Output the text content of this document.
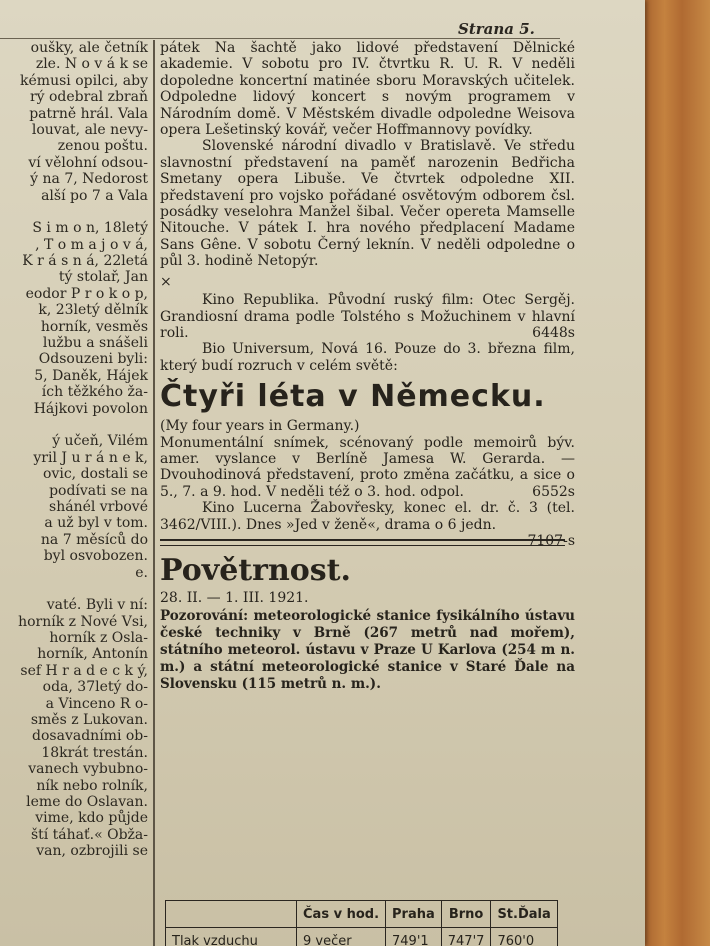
Strana 5.
oušky, ale četník
zle. N o v á k se
kémusi opilci, aby
rý odebral zbraň
patrně hrál. Vala
louvat, ale nevy-
zenou poštu.
ví vělohní odsou-
ý na 7, Nedorost
alší po 7 a Vala
S i m o n, 18letý
, T o m a j o v á,
K r á s n á, 22letá
tý stolař, Jan
eodor P r o k o p,
k, 23letý dělník
horník, vesměs
lužbu a snášeli
Odsouzeni byli:
5, Daněk, Hájek
ích těžkého ža-
Hájkovi povolon
ý učeň, Vilém
yril J u r á n e k,
ovic, dostali se
podívati se na
shánél vrbové
a už byl v tom.
na 7 měsíců do
byl osvobozen.
e.
vaté. Byli v ní:
horník z Nové Vsi,
horník z Osla-
horník, Antonín
sef H r a d e c k ý,
oda, 37letý do-
a Vinceno R o-
směs z Lukovan.
dosavadními ob-
18krát trestán.
vanech vybubno-
ník nebo rolník,
leme do Oslavan.
vime, kdo půjde
ští táhať.« Obža-
van, ozbrojili se

pátek Na šachtě jako lidové představení Dělnické akademie. V sobotu pro IV. čtvrtku R. U. R. V neděli dopoledne koncertní matinée sboru Moravských učitelek. Odpoledne lidový koncert s novým programem v Národním domě. V Městském divadle odpoledne Weisova opera Lešetinský kovář, večer Hoffmannovy povídky.

Slovenské národní divadlo v Bratislavě. Ve středu slavnostní představení na paměť narozenin Bedřicha Smetany opera Libuše. Ve čtvrtek odpoledne XII. představení pro vojsko pořádané osvětovým odborem čsl. posádky veselohra Manžel šibal. Večer opereta Mamselle Nitouche. V pátek I. hra nového předplacení Madame Sans Gêne. V sobotu Černý leknín. V neděli odpoledne o půl 3. hodině Netopýr.

×

Kino Republika. Původní ruský film: Otec Sergěj. Grandiosní drama podle Tolstého s Možuchinem v hlavní roli.	6448s

Bio Universum, Nová 16. Pouze do 3. března film, který budí rozruch v celém světě:

Čtyři léta v Německu.

(My four years in Germany.)

Monumentální snímek, scénovaný podle memoirů býv. amer. vyslance v Berlíně Jamesa W. Gerarda. — Dvouhodinová představení, proto změna začátku, a sice o 5., 7. a 9. hod. V neděli též o 3. hod. odpol.	6552s

Kino Lucerna Žabovřesky, konec el. dr. č. 3 (tel. 3462/VIII.). Dnes »Jed v ženě«, drama o 6 jedn.
7107-s

Povětrnost.

28. II. — 1. III. 1921.

Pozorování: meteorologické stanice fysikálního ústavu české techniky v Brně (267 metrů nad mořem), státního meteorol. ústavu v Praze U Karlova (254 m n. m.) a státní meteorologické stanice v Staré Ďale na Slovensku (115 metrů n. m.).

	Čas v hod.	Praha	Brno	St.Ďala
Tlak vzduchu	9 večer	749'1	747'7	760'0
